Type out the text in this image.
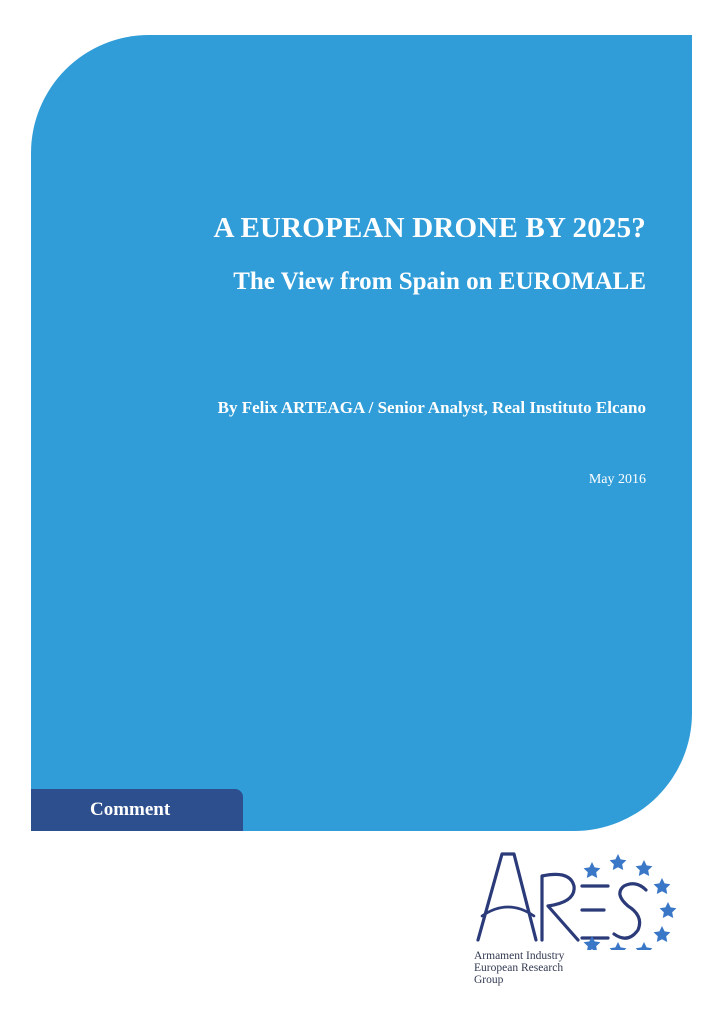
A EUROPEAN DRONE BY 2025?
The View from Spain on EUROMALE

By Felix ARTEAGA / Senior Analyst, Real Instituto Elcano

May 2016

Comment
Armament Industry
European Research
Group
